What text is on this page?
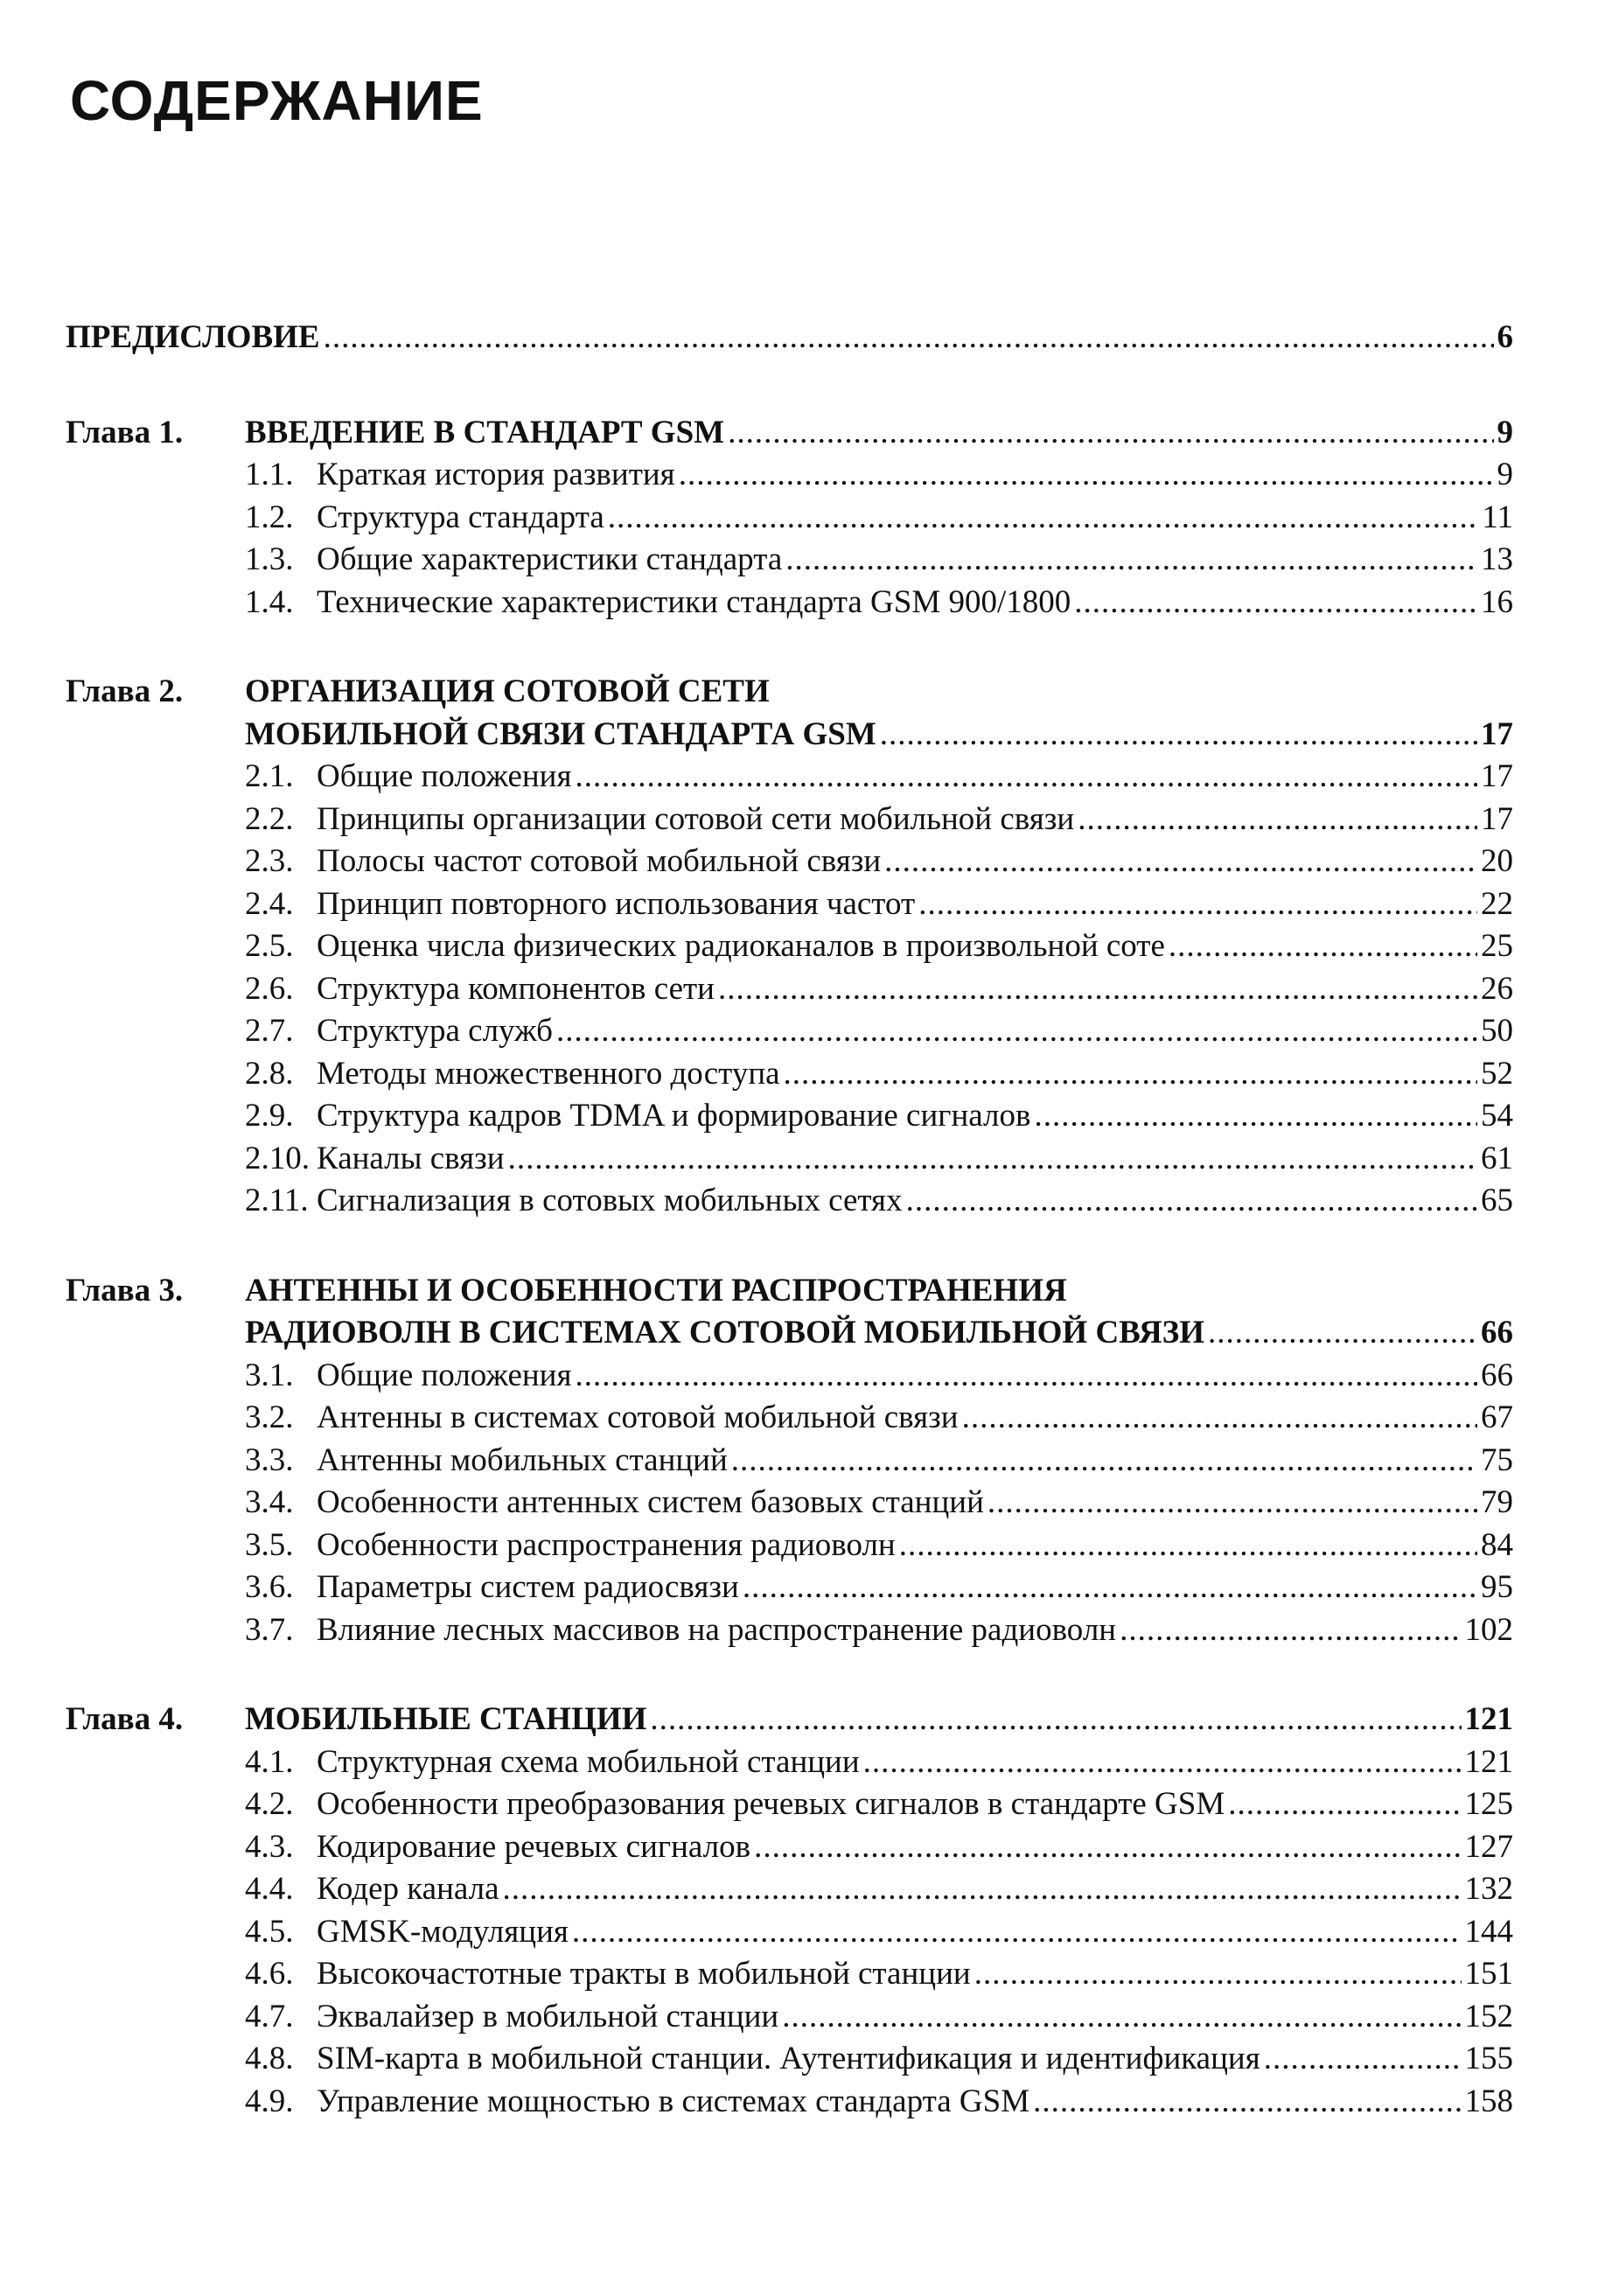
СОДЕРЖАНИЕ
ПРЕДИСЛОВИЕ .....	6
Глава 1.	ВВЕДЕНИЕ В СТАНДАРТ GSM .....	9
1.1. Краткая история развития .....	9
1.2. Структура стандарта .....	11
1.3. Общие характеристики стандарта .....	13
1.4. Технические характеристики стандарта GSM 900/1800 .....	16
Глава 2.	ОРГАНИЗАЦИЯ СОТОВОЙ СЕТИ
МОБИЛЬНОЙ СВЯЗИ СТАНДАРТА GSM .....	17
2.1. Общие положения .....	17
2.2. Принципы организации сотовой сети мобильной связи .....	17
2.3. Полосы частот сотовой мобильной связи .....	20
2.4. Принцип повторного использования частот .....	22
2.5. Оценка числа физических радиоканалов в произвольной соте .....	25
2.6. Структура компонентов сети .....	26
2.7. Структура служб .....	50
2.8. Методы множественного доступа .....	52
2.9. Структура кадров TDMA и формирование сигналов .....	54
2.10. Каналы связи .....	61
2.11. Сигнализация в сотовых мобильных сетях .....	65
Глава 3.	АНТЕННЫ И ОСОБЕННОСТИ РАСПРОСТРАНЕНИЯ
РАДИОВОЛН В СИСТЕМАХ СОТОВОЙ МОБИЛЬНОЙ СВЯЗИ .....	66
3.1. Общие положения .....	66
3.2. Антенны в системах сотовой мобильной связи .....	67
3.3. Антенны мобильных станций .....	75
3.4. Особенности антенных систем базовых станций .....	79
3.5. Особенности распространения радиоволн .....	84
3.6. Параметры систем радиосвязи .....	95
3.7. Влияние лесных массивов на распространение радиоволн .....	102
Глава 4.	МОБИЛЬНЫЕ СТАНЦИИ .....	121
4.1. Структурная схема мобильной станции .....	121
4.2. Особенности преобразования речевых сигналов в стандарте GSM .....	125
4.3. Кодирование речевых сигналов .....	127
4.4. Кодер канала .....	132
4.5. GMSK-модуляция .....	144
4.6. Высокочастотные тракты в мобильной станции .....	151
4.7. Эквалайзер в мобильной станции .....	152
4.8. SIM-карта в мобильной станции. Аутентификация и идентификация .....	155
4.9. Управление мощностью в системах стандарта GSM .....	158
